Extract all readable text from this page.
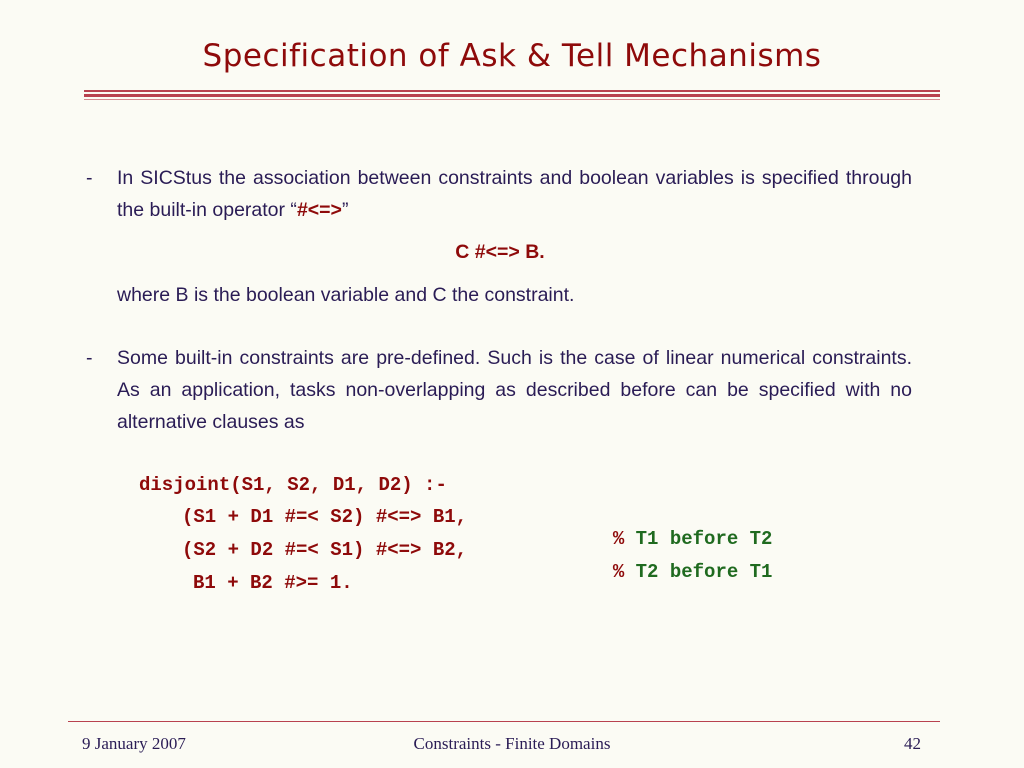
Specification of Ask & Tell Mechanisms
- In SICStus the association between constraints and boolean variables is specified through the built-in operator “#<=>”
C #<=> B.
where B is the boolean variable and C the constraint.
- Some built-in constraints are pre-defined. Such is the case of linear numerical constraints. As an application, tasks non-overlapping as described before can be specified with no alternative clauses as
disjoint(S1, S2, D1, D2) :-
(S1 + D1 #=< S2) #<=> B1,
(S2 + D2 #=< S1) #<=> B2,
B1 + B2 #>= 1.

% T1 before T2

% T2 before T1

9 January 2007	Constraints - Finite Domains	42
